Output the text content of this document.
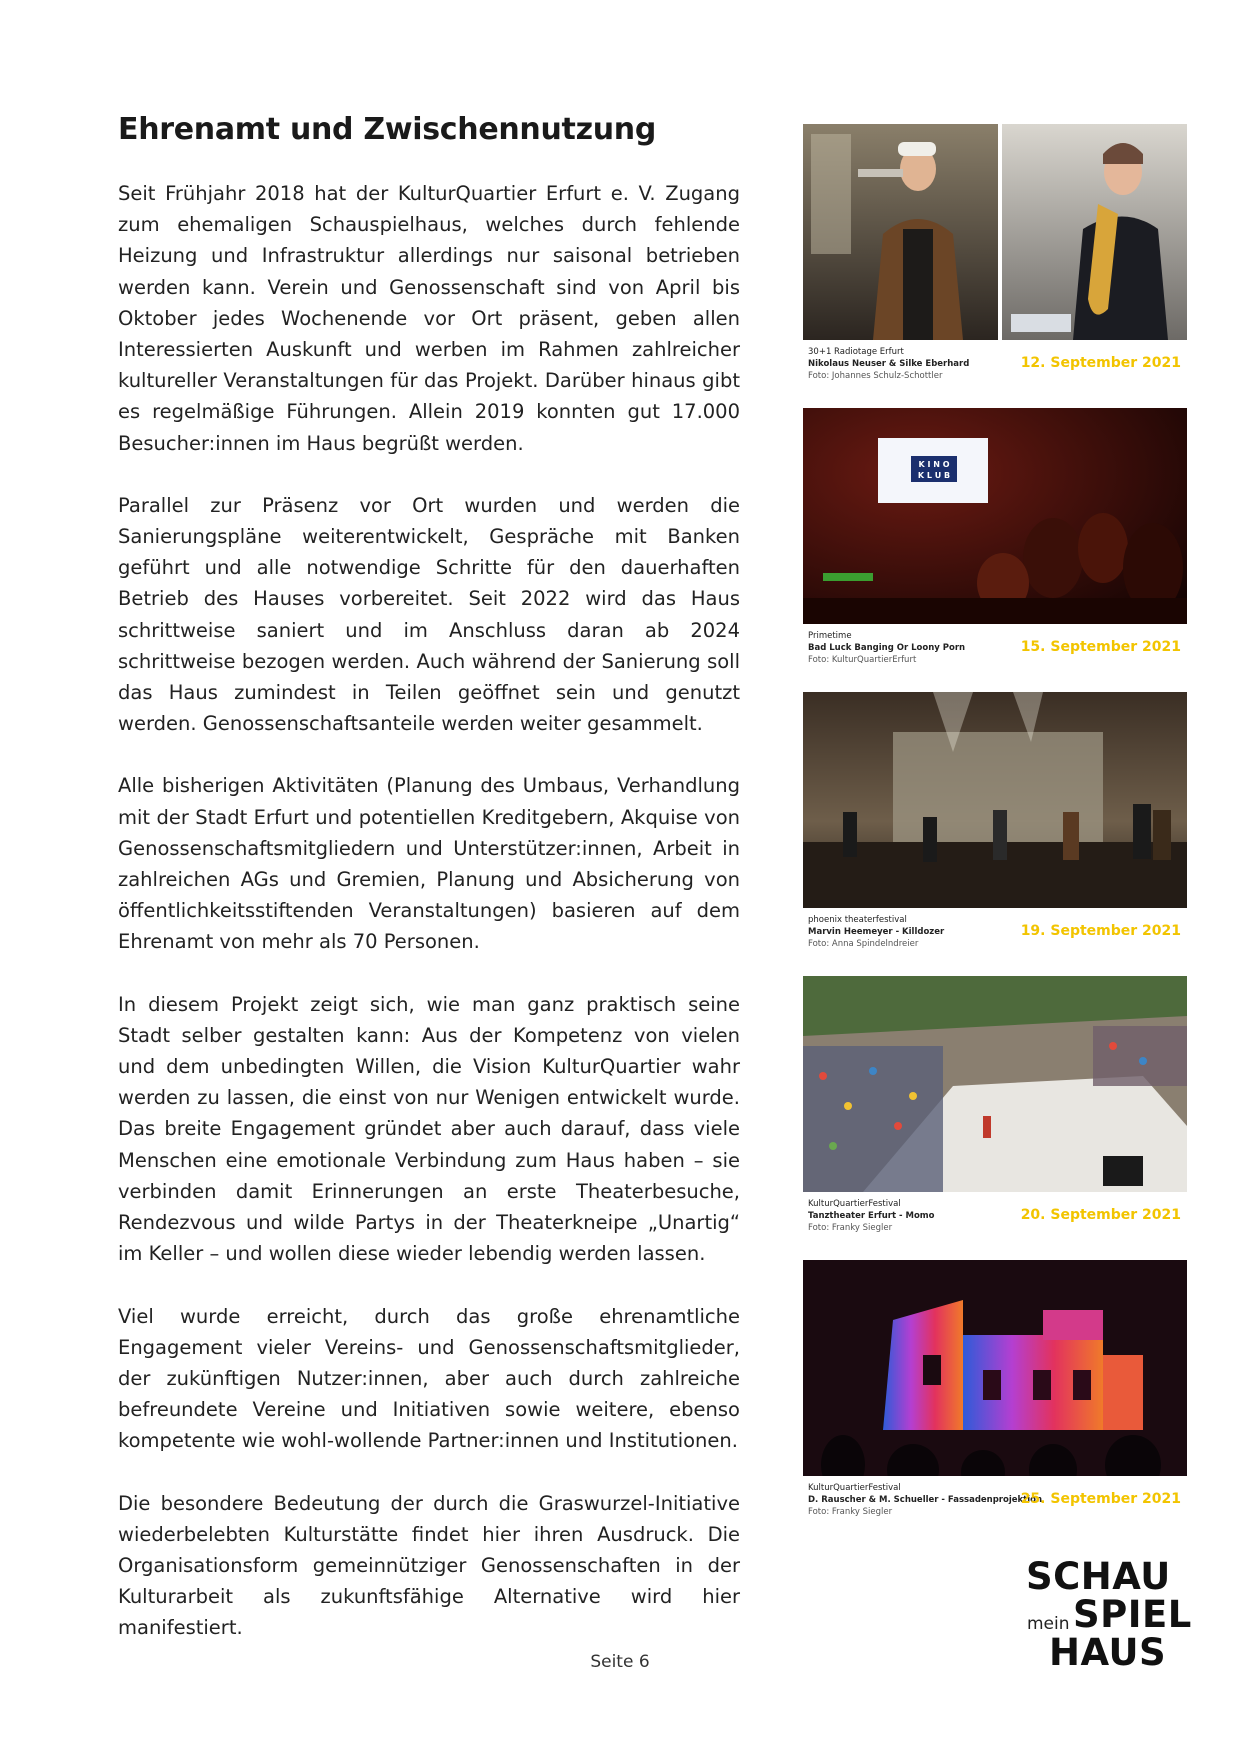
Ehrenamt und Zwischennutzung

Seit Frühjahr 2018 hat der KulturQuartier Erfurt e. V. Zugang zum ehemaligen Schauspielhaus, welches durch fehlende Heizung und Infrastruktur allerdings nur saisonal betrieben werden kann. Verein und Genossenschaft sind von April bis Oktober jedes Wochenende vor Ort präsent, geben allen Interessierten Auskunft und werben im Rahmen zahlreicher kultureller Veranstaltungen für das Projekt. Darüber hinaus gibt es regelmäßige Führungen. Allein 2019 konnten gut 17.000 Besucher:innen im Haus begrüßt werden.

Parallel zur Präsenz vor Ort wurden und werden die Sanierungspläne weiterentwickelt, Gespräche mit Banken geführt und alle notwendige Schritte für den dauerhaften Betrieb des Hauses vorbereitet. Seit 2022 wird das Haus schrittweise saniert und im Anschluss daran ab 2024 schrittweise bezogen werden. Auch während der Sanierung soll das Haus zumindest in Teilen geöffnet sein und genutzt werden. Genossenschaftsanteile werden weiter gesammelt.

Alle bisherigen Aktivitäten (Planung des Umbaus, Verhandlung mit der Stadt Erfurt und potentiellen Kreditgebern, Akquise von Genossenschaftsmitgliedern und Unterstützer:innen, Arbeit in zahlreichen AGs und Gremien, Planung und Absicherung von öffentlichkeitsstiftenden Veranstaltungen) basieren auf dem Ehrenamt von mehr als 70 Personen.

In diesem Projekt zeigt sich, wie man ganz praktisch seine Stadt selber gestalten kann: Aus der Kompetenz von vielen und dem unbedingten Willen, die Vision KulturQuartier wahr werden zu lassen, die einst von nur Wenigen entwickelt wurde. Das breite Engagement gründet aber auch darauf, dass viele Menschen eine emotionale Verbindung zum Haus haben – sie verbinden damit Erinnerungen an erste Theaterbesuche, Rendezvous und wilde Partys in der Theaterkneipe „Unartig“ im Keller – und wollen diese wieder lebendig werden lassen.

Viel wurde erreicht, durch das große ehrenamtliche Engagement vieler Vereins- und Genossenschaftsmitglieder, der zukünftigen Nutzer:innen, aber auch durch zahlreiche befreundete Vereine und Initiativen sowie weitere, ebenso kompetente wie wohl-wollende Partner:innen und Institutionen.

Die besondere Bedeutung der durch die Graswurzel-Initiative wiederbelebten Kulturstätte findet hier ihren Ausdruck. Die Organisationsform gemeinnütziger Genossenschaften in der Kulturarbeit als zukunftsfähige Alternative wird hier manifestiert.

30+1 Radiotage Erfurt
Nikolaus Neuser & Silke Eberhard
Foto: Johannes Schulz-Schottler
12. September 2021
K I N O
K L U B
Primetime
Bad Luck Banging Or Loony Porn
Foto: KulturQuartierErfurt
15. September 2021
phoenix theaterfestival
Marvin Heemeyer - Killdozer
Foto: Anna Spindelndreier
19. September 2021
KulturQuartierFestival
Tanztheater Erfurt - Momo
Foto: Franky Siegler
20. September 2021
KulturQuartierFestival
D. Rauscher & M. Schueller - Fassadenprojektion
Foto: Franky Siegler
25. September 2021
SCHAU
mein SPIEL
HAUS
Seite 6
